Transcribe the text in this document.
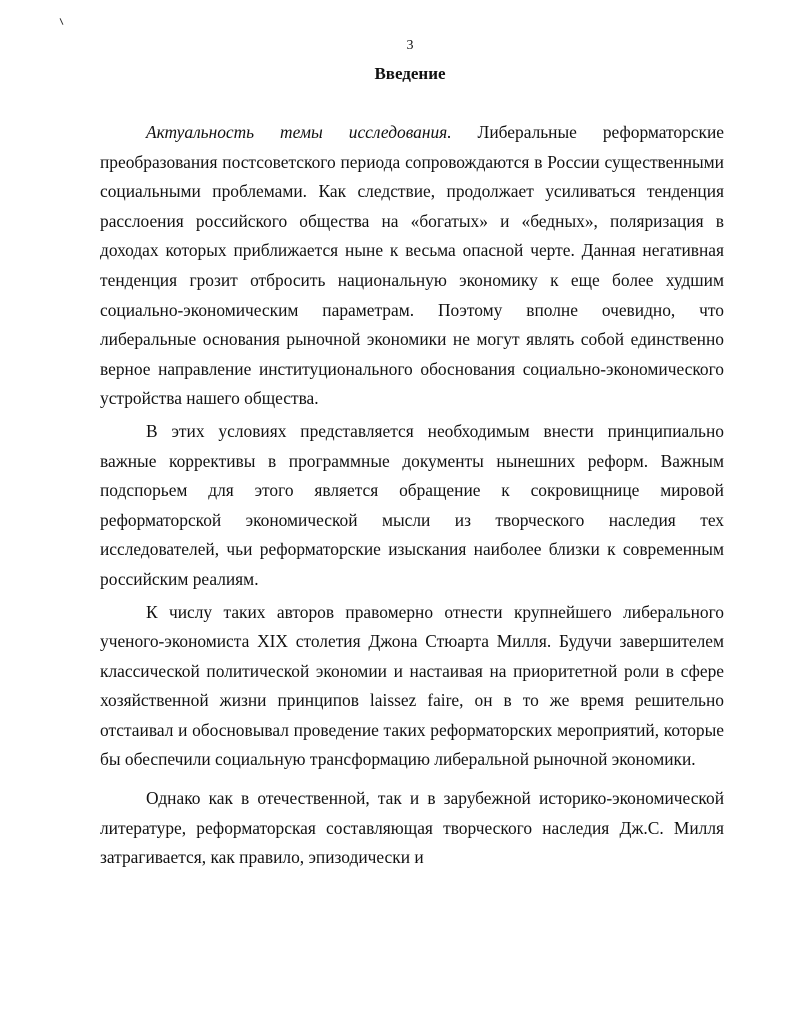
3
Введение

Актуальность темы исследования. Либеральные реформаторские преобразования постсоветского периода сопровождаются в России существенными социальными проблемами. Как следствие, продолжает усиливаться тенденция расслоения российского общества на «богатых» и «бедных», поляризация в доходах которых приближается ныне к весьма опасной черте. Данная негативная тенденция грозит отбросить национальную экономику к еще более худшим социально-экономическим параметрам. Поэтому вполне очевидно, что либеральные основания рыночной экономики не могут являть собой единственно верное направление институционального обоснования социально-экономического устройства нашего общества.

В этих условиях представляется необходимым внести принципиально важные коррективы в программные документы нынешних реформ. Важным подспорьем для этого является обращение к сокровищнице мировой реформаторской экономической мысли из творческого наследия тех исследователей, чьи реформаторские изыскания наиболее близки к современным российским реалиям.

К числу таких авторов правомерно отнести крупнейшего либерального ученого-экономиста XIX столетия Джона Стюарта Милля. Будучи завершителем классической политической экономии и настаивая на приоритетной роли в сфере хозяйственной жизни принципов laissez faire, он в то же время решительно отстаивал и обосновывал проведение таких реформаторских мероприятий, которые бы обеспечили социальную трансформацию либеральной рыночной экономики.

Однако как в отечественной, так и в зарубежной историко-экономической литературе, реформаторская составляющая творческого наследия Дж.С. Милля затрагивается, как правило, эпизодически и
